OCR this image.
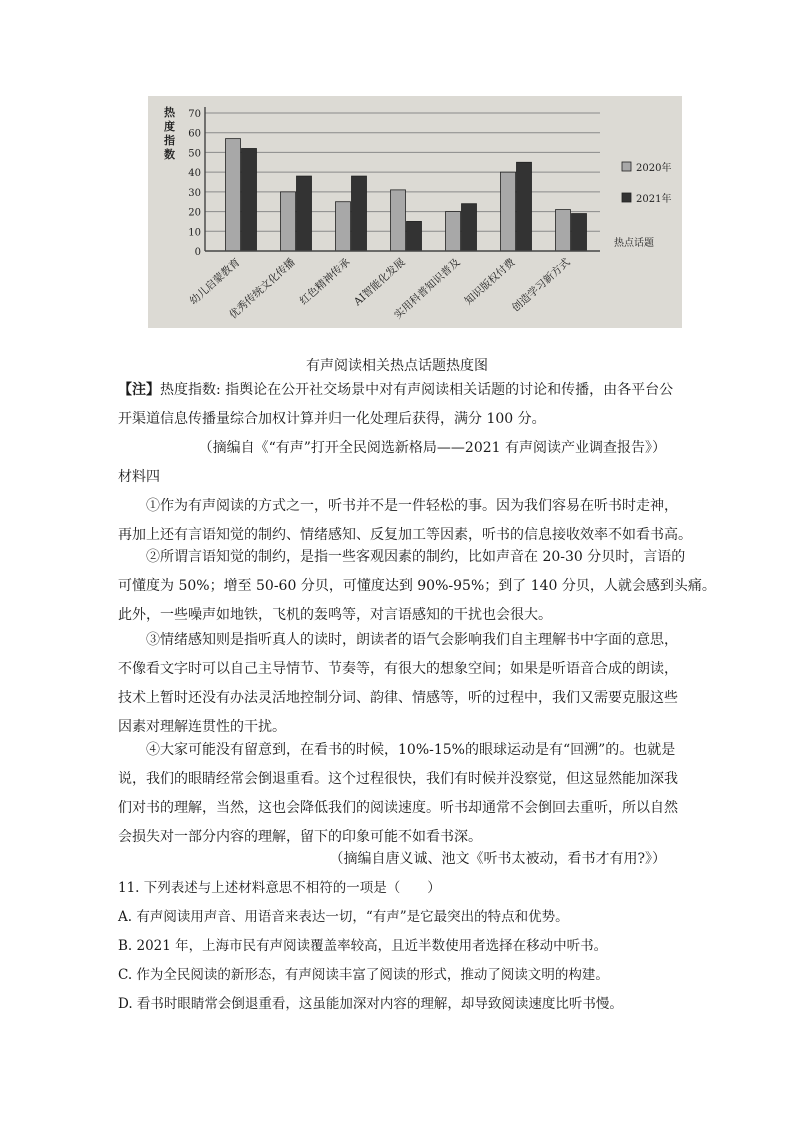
0
10
20
30
40
50
60
70
热度指数
幼儿启蒙教育
优秀传统文化传播 红色精神传承 AI智能化发展
实用科普知识普及 知识版权付费
创造学习新方式
热点话题
2020年
2021年
有声阅读相关热点话题热度图
【注】热度指数: 指舆论在公开社交场景中对有声阅读相关话题的讨论和传播，由各平台公
开渠道信息传播量综合加权计算并归一化处理后获得，满分 100 分。
（摘编自《“有声”打开全民阅选新格局——2021 有声阅读产业调查报告》）
材料四
①作为有声阅读的方式之一，听书并不是一件轻松的事。因为我们容易在听书时走神，
再加上还有言语知觉的制约、情绪感知、反复加工等因素，听书的信息接收效率不如看书高。
②所谓言语知觉的制约，是指一些客观因素的制约，比如声音在 20-30 分贝时，言语的
可懂度为 50%；增至 50-60 分贝，可懂度达到 90%-95%；到了 140 分贝，人就会感到头痛。
此外，一些噪声如地铁，飞机的轰鸣等，对言语感知的干扰也会很大。
③情绪感知则是指听真人的读时，朗读者的语气会影响我们自主理解书中字面的意思，
不像看文字时可以自己主导情节、节奏等，有很大的想象空间；如果是听语音合成的朗读，
技术上暂时还没有办法灵活地控制分词、韵律、情感等，听的过程中，我们又需要克服这些
因素对理解连贯性的干扰。
④大家可能没有留意到，在看书的时候，10%-15%的眼球运动是有“回溯”的。也就是
说，我们的眼睛经常会倒退重看。这个过程很快，我们有时候并没察觉，但这显然能加深我
们对书的理解，当然，这也会降低我们的阅读速度。听书却通常不会倒回去重听，所以自然
会损失对一部分内容的理解，留下的印象可能不如看书深。
（摘编自唐义诚、池文《听书太被动，看书才有用?》）
11. 下列表述与上述材料意思不相符的一项是（　　）
A. 有声阅读用声音、用语音来表达一切，“有声”是它最突出的特点和优势。
B. 2021 年，上海市民有声阅读覆盖率较高，且近半数使用者选择在移动中听书。
C. 作为全民阅读的新形态，有声阅读丰富了阅读的形式，推动了阅读文明的构建。
D. 看书时眼睛常会倒退重看，这虽能加深对内容的理解，却导致阅读速度比听书慢。
